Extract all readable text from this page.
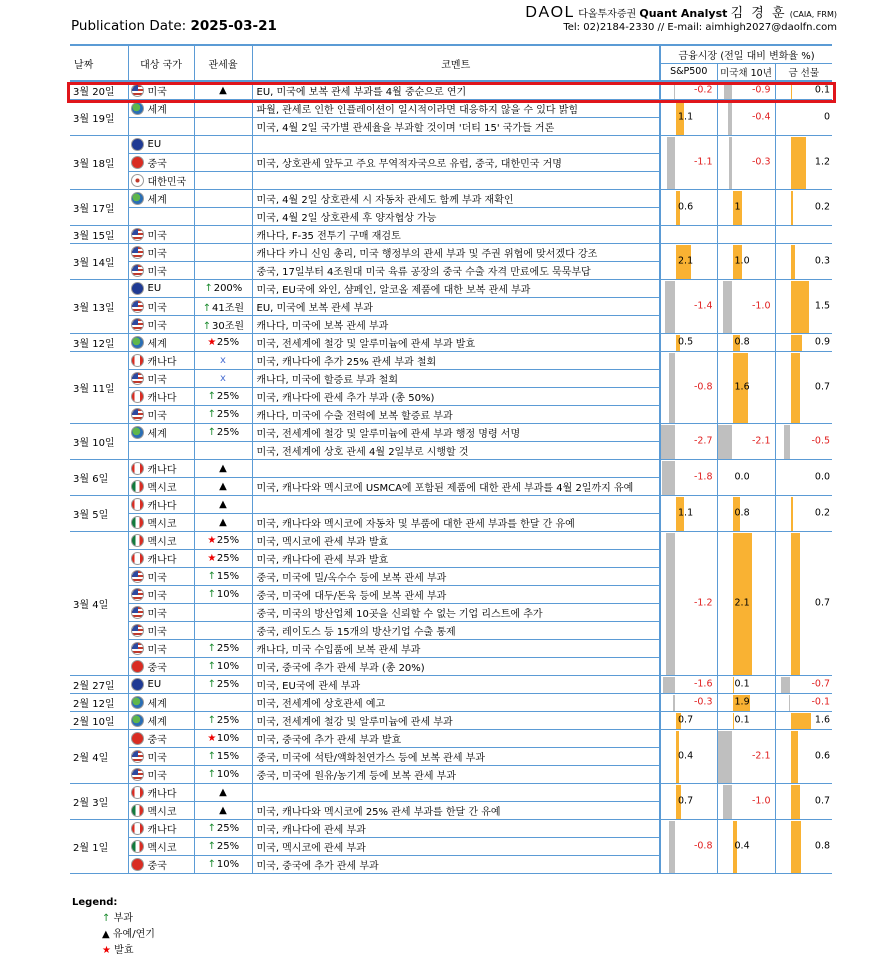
Publication Date: 2025-03-21
DAOL 다올투자증권 Quant Analyst 김 경 훈 (CAIA, FRM)
Tel: 02)2184-2330 // E-mail: aimhigh2027@daolfn.com
날짜	대상 국가	관세율	코멘트	금융시장 (전일 대비 변화율 %)		
				S&P500	미국채 10년	금 선물
3월 20일	미국	▲	EU, 미국에 보복 관세 부과를 4월 중순으로 연기	-0.2	-0.9	0.1

3월 19일	세계		파월, 관세로 인한 인플레이션이 일시적이라면 대응하지 않을 수 있다 밝힘	1.1	-0.4	0

			미국, 4월 2일 국가별 관세율을 부과할 것이며 '더티 15' 국가들 거론			
3월 18일	EU			-1.1	-0.3	1.2

	중국		미국, 상호관세 앞두고 주요 무역적자국으로 유럽, 중국, 대한민국 거명			
	대한민국					
3월 17일	세계		미국, 4월 2일 상호관세 시 자동차 관세도 함께 부과 재확인	0.6	1	0.2

			미국, 4월 2일 상호관세 후 양자협상 가능			
3월 15일	미국		캐나다, F-35 전투기 구매 재검토			
3월 14일	미국		캐나다 카니 신임 총리, 미국 행정부의 관세 부과 및 주권 위협에 맞서겠다 강조	2.1	1.0	0.3

	미국		중국, 17일부터 4조원대 미국 육류 공장의 중국 수출 자격 만료에도 묵묵부답			
3월 13일	EU	↑200%	미국, EU국에 와인, 샴페인, 알코올 제품에 대한 보복 관세 부과	-1.4	-1.0	1.5

	미국	↑41조원	EU, 미국에 보복 관세 부과			
	미국	↑30조원	캐나다, 미국에 보복 관세 부과			
3월 12일	세계	★25%	미국, 전세계에 철강 및 알루미늄에 관세 부과 발효	0.5	0.8	0.9

3월 11일	캐나다	x	미국, 캐나다에 추가 25% 관세 부과 철회	-0.8	1.6	0.7

	미국	x	캐나다, 미국에 할증료 부과 철회			
	캐나다	↑25%	미국, 캐나다에 관세 추가 부과 (총 50%)			
	미국	↑25%	캐나다, 미국에 수출 전력에 보복 할증료 부과			
3월 10일	세계	↑25%	미국, 전세계에 철강 및 알루미늄에 관세 부과 행정 명령 서명	-2.7	-2.1	-0.5

			미국, 전세계에 상호 관세 4월 2일부로 시행할 것			
3월 6일	캐나다	▲		-1.8	0.0	0.0

	멕시코	▲	미국, 캐나다와 멕시코에 USMCA에 포함된 제품에 대한 관세 부과를 4월 2일까지 유예			
3월 5일	캐나다	▲		1.1	0.8	0.2

	멕시코	▲	미국, 캐나다와 멕시코에 자동차 및 부품에 대한 관세 부과를 한달 간 유예			
3월 4일	멕시코	★25%	미국, 멕시코에 관세 부과 발효	-1.2	2.1	0.7

	캐나다	★25%	미국, 캐나다에 관세 부과 발효			
	미국	↑15%	중국, 미국에 밀/옥수수 등에 보복 관세 부과			
	미국	↑10%	중국, 미국에 대두/돈육 등에 보복 관세 부과			
	미국		중국, 미국의 방산업체 10곳을 신뢰할 수 없는 기업 리스트에 추가			
	미국		중국, 레이도스 등 15개의 방산기업 수출 통제			
	미국	↑25%	캐나다, 미국 수입품에 보복 관세 부과			
	중국	↑10%	미국, 중국에 추가 관세 부과 (총 20%)			
2월 27일	EU	↑25%	미국, EU국에 관세 부과	-1.6	0.1	-0.7

2월 12일	세계		미국, 전세계에 상호관세 예고	-0.3	1.9	-0.1

2월 10일	세계	↑25%	미국, 전세계에 철강 및 알루미늄에 관세 부과	0.7	0.1	1.6

2월 4일	중국	★10%	미국, 중국에 추가 관세 부과 발효	0.4	-2.1	0.6

	미국	↑15%	중국, 미국에 석탄/액화천연가스 등에 보복 관세 부과			
	미국	↑10%	중국, 미국에 원유/농기계 등에 보복 관세 부과			
2월 3일	캐나다	▲		0.7	-1.0	0.7

	멕시코	▲	미국, 캐나다와 멕시코에 25% 관세 부과를 한달 간 유예			
2월 1일	캐나다	↑25%	미국, 캐나다에 관세 부과	-0.8	0.4	0.8

	멕시코	↑25%	미국, 멕시코에 관세 부과			
	중국	↑10%	미국, 중국에 추가 관세 부과			
Legend:
↑ 부과
▲ 유예/연기
★ 발효
